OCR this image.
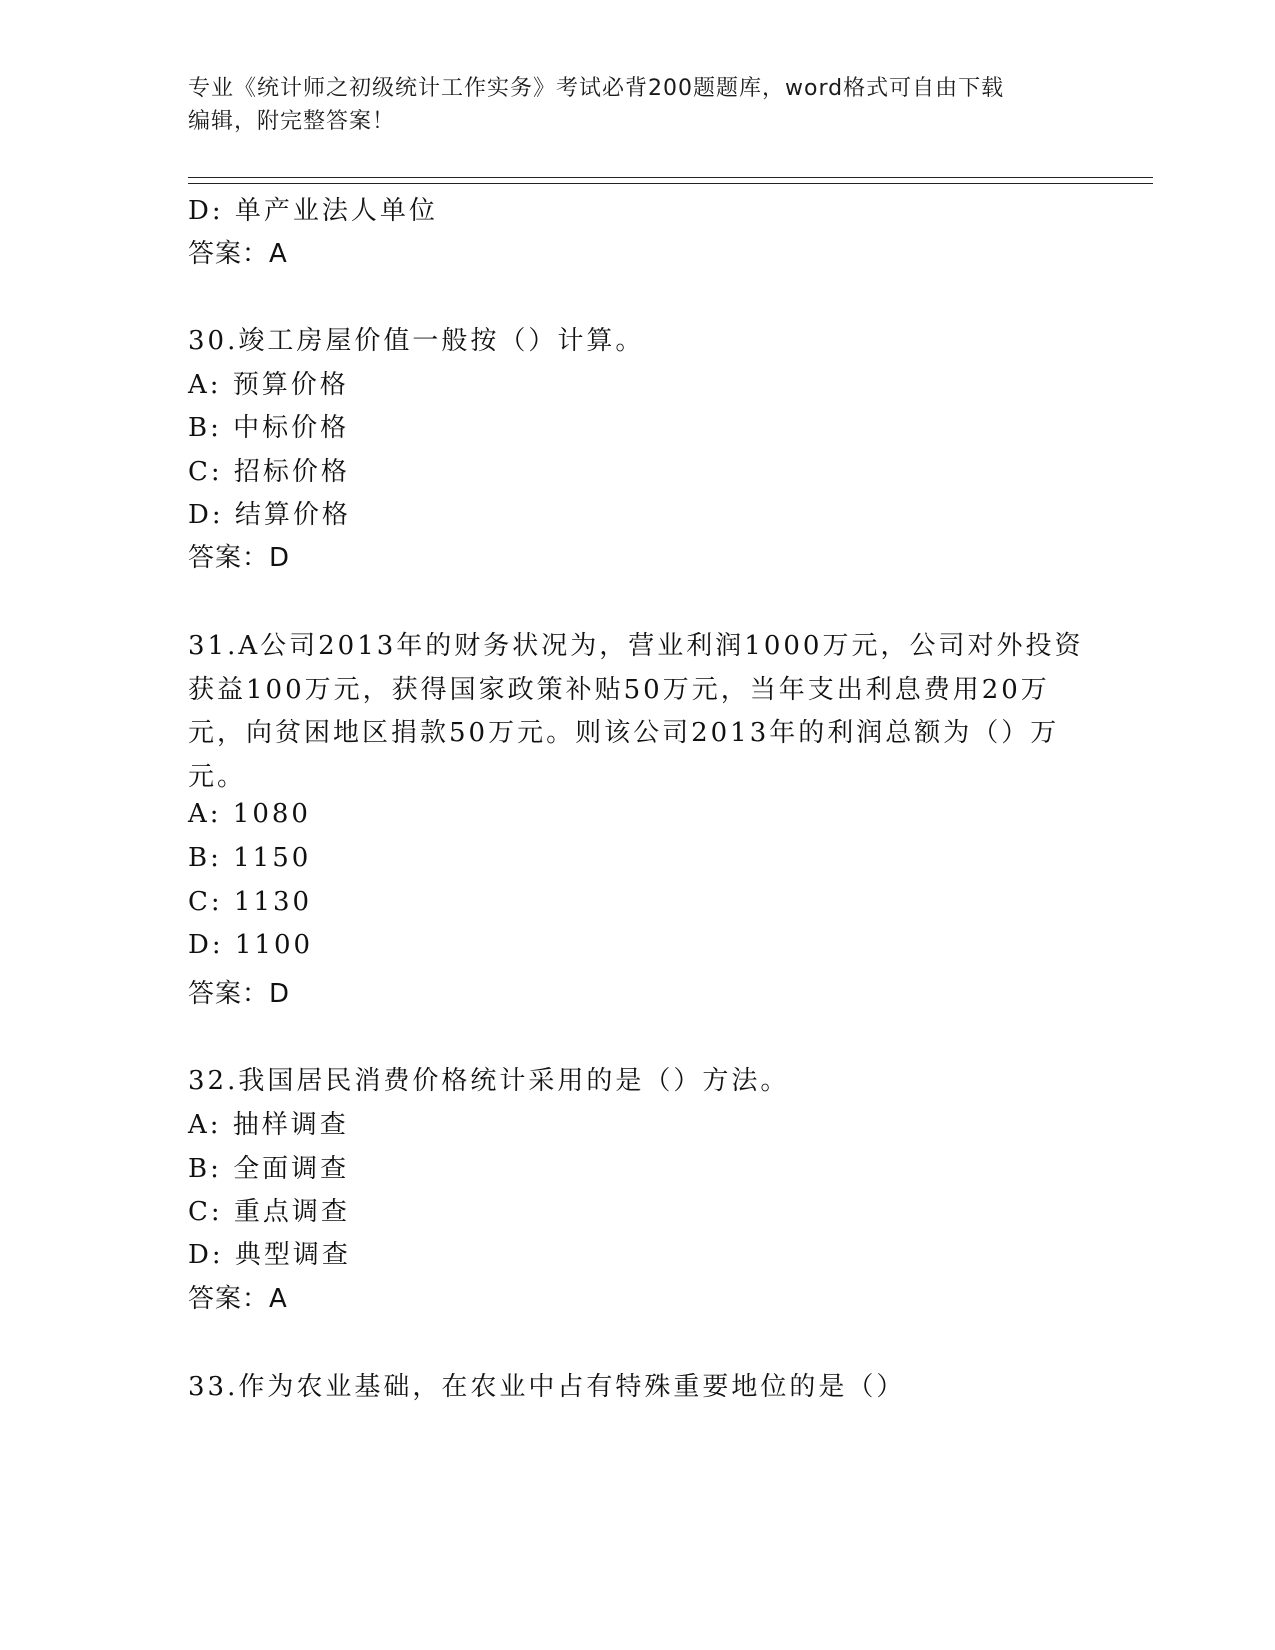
专业《统计师之初级统计工作实务》考试必背200题题库，word格式可自由下载
编辑，附完整答案！
D: 单产业法人单位
答案：A
30.竣工房屋价值一般按（）计算。
A: 预算价格
B: 中标价格
C: 招标价格
D: 结算价格
答案：D
31.A公司2013年的财务状况为，营业利润1000万元，公司对外投资
获益100万元，获得国家政策补贴50万元，当年支出利息费用20万
元，向贫困地区捐款50万元。则该公司2013年的利润总额为（）万
元。
A: 1080
B: 1150
C: 1130
D: 1100
答案：D
32.我国居民消费价格统计采用的是（）方法。
A: 抽样调查
B: 全面调查
C: 重点调查
D: 典型调查
答案：A
33.作为农业基础，在农业中占有特殊重要地位的是（）
